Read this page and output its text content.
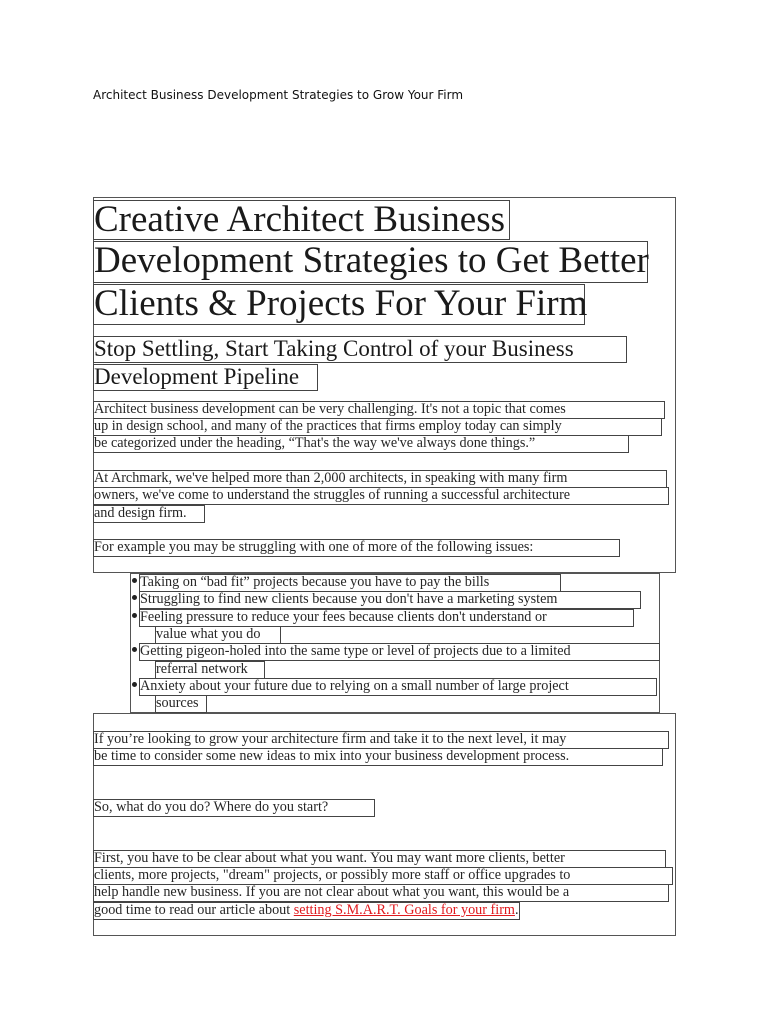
Architect Business Development Strategies to Grow Your Firm
Creative Architect Business
Development Strategies to Get Better
Clients & Projects For Your Firm
Stop Settling, Start Taking Control of your Business
Development Pipeline
Architect business development can be very challenging. It's not a topic that comes
up in design school, and many of the practices that firms employ today can simply
be categorized under the heading, “That's the way we've always done things.”
At Archmark, we've helped more than 2,000 architects, in speaking with many firm
owners, we've come to understand the struggles of running a successful architecture
and design firm.
For example you may be struggling with one of more of the following issues:
Taking on “bad fit” projects because you have to pay the bills
Struggling to find new clients because you don't have a marketing system
Feeling pressure to reduce your fees because clients don't understand or
value what you do
Getting pigeon-holed into the same type or level of projects due to a limited
referral network
Anxiety about your future due to relying on a small number of large project
sources
If you’re looking to grow your architecture firm and take it to the next level, it may
be time to consider some new ideas to mix into your business development process.
So, what do you do? Where do you start?
First, you have to be clear about what you want. You may want more clients, better
clients, more projects, "dream" projects, or possibly more staff or office upgrades to
help handle new business. If you are not clear about what you want, this would be a
good time to read our article about setting S.M.A.R.T. Goals for your firm.
